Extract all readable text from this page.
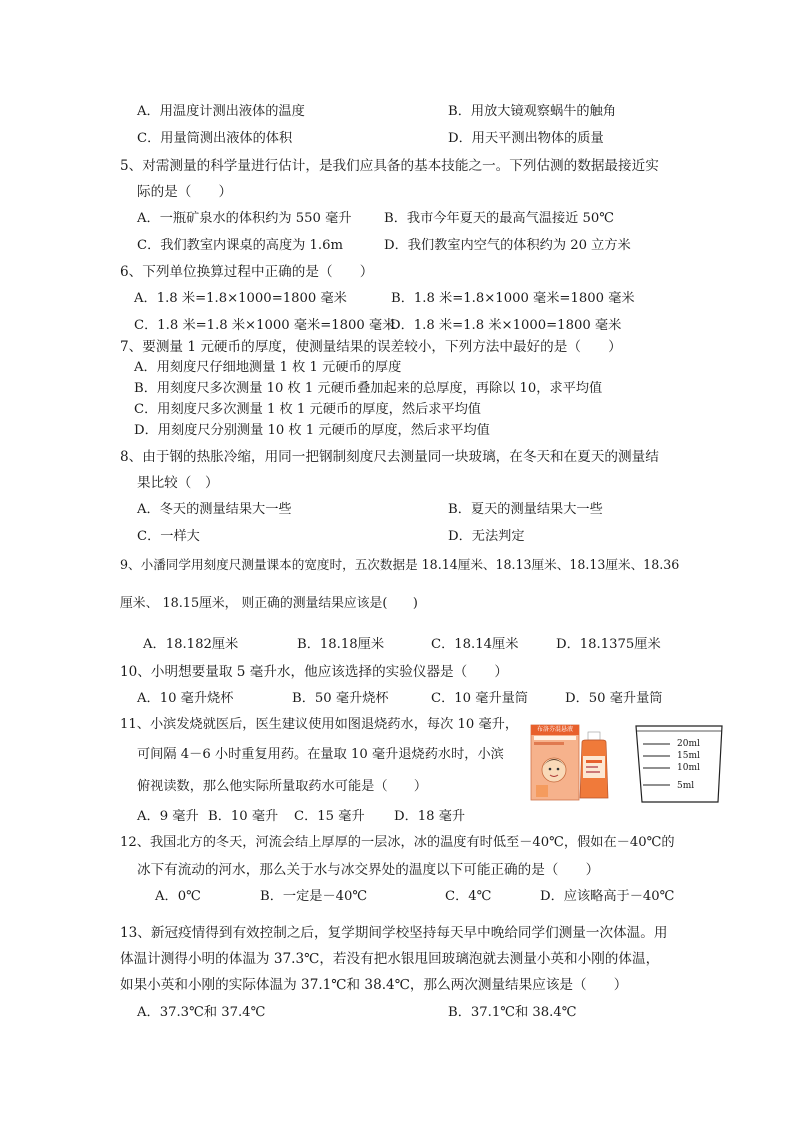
A．用温度计测出液体的温度	B．用放大镜观察蜗牛的触角
C．用量筒测出液体的体积	D．用天平测出物体的质量
5、对需测量的科学量进行估计，是我们应具备的基本技能之一。下列估测的数据最接近实
际的是（　　）
A．一瓶矿泉水的体积约为 550 毫升 B．我市今年夏天的最高气温接近 50℃
C．我们教室内课桌的高度为 1.6m	D．我们教室内空气的体积约为 20 立方米
6、下列单位换算过程中正确的是（　　）
A．1.8 米=1.8×1000=1800 毫米	B．1.8 米=1.8×1000 毫米=1800 毫米
C．1.8 米=1.8 米×1000 毫米=1800 毫米
D．1.8 米=1.8 米×1000=1800 毫米
7、要测量 1 元硬币的厚度，使测量结果的误差较小，下列方法中最好的是（　　）
A．用刻度尺仔细地测量 1 枚 1 元硬币的厚度
B．用刻度尺多次测量 10 枚 1 元硬币叠加起来的总厚度，再除以 10，求平均值
C．用刻度尺多次测量 1 枚 1 元硬币的厚度，然后求平均值
D．用刻度尺分别测量 10 枚 1 元硬币的厚度，然后求平均值
8、由于钢的热胀冷缩，用同一把钢制刻度尺去测量同一块玻璃，在冬天和在夏天的测量结
果比较（　）
A．冬天的测量结果大一些	B．夏天的测量结果大一些
C．一样大	D．无法判定
9、小潘同学用刻度尺测量课本的宽度时，五次数据是 18.14厘米、18.13厘米、18.13厘米、18.36
厘米、 18.15厘米， 则正确的测量结果应该是(　　)
A．18.182厘米	B．18.18厘米	C．18.14厘米	D．18.1375厘米
10、小明想要量取 5 毫升水，他应该选择的实验仪器是（　　）
A．10 毫升烧杯	B．50 毫升烧杯	C．10 毫升量筒	D．50 毫升量筒
11、小滨发烧就医后，医生建议使用如图退烧药水，每次 10 毫升，
可间隔 4－6 小时重复用药。在量取 10 毫升退烧药水时，小滨
俯视读数，那么他实际所量取药水可能是（　　）
A．9 毫升 B．10 毫升 C．15 毫升 D．18 毫升
布洛芬混悬液
20ml
15ml
10ml
5ml
12、我国北方的冬天，河流会结上厚厚的一层冰，冰的温度有时低至－40℃，假如在－40℃的
冰下有流动的河水，那么关于水与冰交界处的温度以下可能正确的是（　　）
A．0℃	B．一定是－40℃	C．4℃	D．应该略高于－40℃
13、新冠疫情得到有效控制之后，复学期间学校坚持每天早中晚给同学们测量一次体温。用
体温计测得小明的体温为 37.3℃，若没有把水银甩回玻璃泡就去测量小英和小刚的体温，
如果小英和小刚的实际体温为 37.1℃和 38.4℃，那么两次测量结果应该是（　　）
A．37.3℃和 37.4℃	B．37.1℃和 38.4℃
